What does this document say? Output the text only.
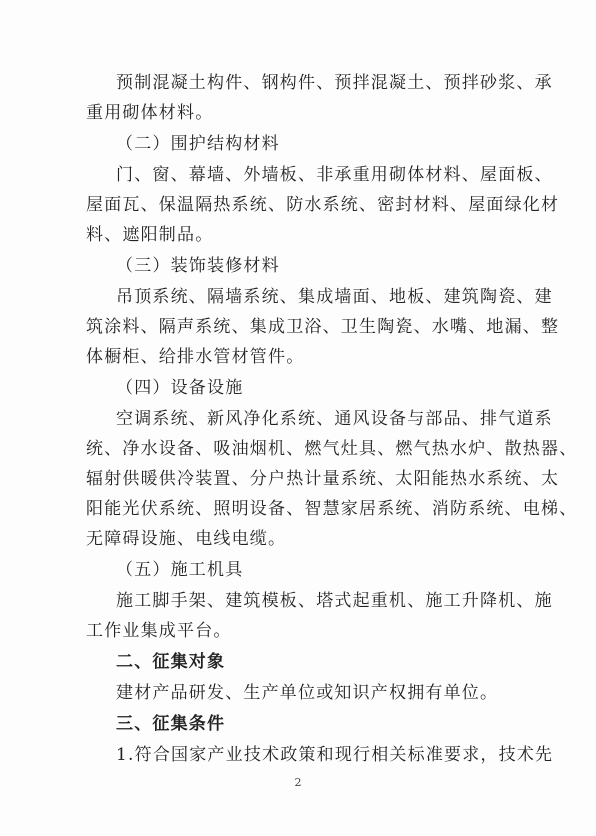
预制混凝土构件、钢构件、预拌混凝土、预拌砂浆、承
重用砌体材料。
（二）围护结构材料
门、窗、幕墙、外墙板、非承重用砌体材料、屋面板、
屋面瓦、保温隔热系统、防水系统、密封材料、屋面绿化材
料、遮阳制品。
（三）装饰装修材料
吊顶系统、隔墙系统、集成墙面、地板、建筑陶瓷、建
筑涂料、隔声系统、集成卫浴、卫生陶瓷、水嘴、地漏、整
体橱柜、给排水管材管件。
（四）设备设施
空调系统、新风净化系统、通风设备与部品、排气道系
统、净水设备、吸油烟机、燃气灶具、燃气热水炉、散热器、
辐射供暖供冷装置、分户热计量系统、太阳能热水系统、太
阳能光伏系统、照明设备、智慧家居系统、消防系统、电梯、
无障碍设施、电线电缆。
（五）施工机具
施工脚手架、建筑模板、塔式起重机、施工升降机、施
工作业集成平台。
二、征集对象
建材产品研发、生产单位或知识产权拥有单位。
三、征集条件
1.符合国家产业技术政策和现行相关标准要求，技术先
2
